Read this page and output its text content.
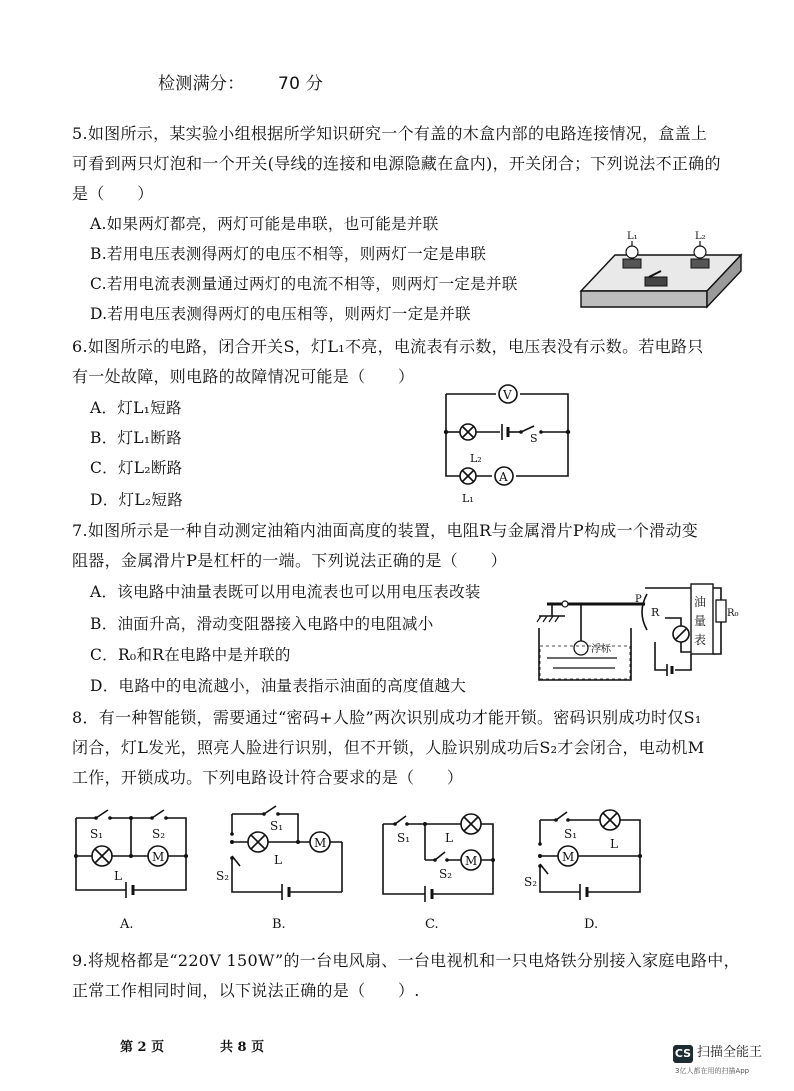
检测满分： 70 分
5.如图所示，某实验小组根据所学知识研究一个有盖的木盒内部的电路连接情况，盒盖上
可看到两只灯泡和一个开关(导线的连接和电源隐藏在盒内)，开关闭合；下列说法不正确的
是（　　）
A.如果两灯都亮，两灯可能是串联，也可能是并联
B.若用电压表测得两灯的电压不相等，则两灯一定是串联
C.若用电流表测量通过两灯的电流不相等，则两灯一定是并联
D.若用电压表测得两灯的电压相等，则两灯一定是并联
L₁	L₂
6.如图所示的电路，闭合开关S，灯L₁不亮，电流表有示数，电压表没有示数。若电路只
有一处故障，则电路的故障情况可能是（　　）
A．灯L₁短路
B．灯L₁断路
C．灯L₂断路
D．灯L₂短路
V
S
L₂
A
L₁
7.如图所示是一种自动测定油箱内油面高度的装置，电阻R与金属滑片P构成一个滑动变
阻器，金属滑片P是杠杆的一端。下列说法正确的是（　　）
A．该电路中油量表既可以用电流表也可以用电压表改装
B．油面升高，滑动变阻器接入电路中的电阻减小
C．R₀和R在电路中是并联的
D．电路中的电流越小，油量表指示油面的高度值越大
浮标
P
R
油
量
表
R₀
8．有一种智能锁，需要通过“密码+人脸”两次识别成功才能开锁。密码识别成功时仅S₁
闭合，灯L发光，照亮人脸进行识别，但不开锁，人脸识别成功后S₂才会闭合，电动机M
工作，开锁成功。下列电路设计符合要求的是（　　）
M
S₁	S₂
L
A.
M
S₁
S₂
L
B.
M
S₁
S₂
L
C.
M
S₁
S₂
L
D.
9.将规格都是“220V 150W”的一台电风扇、一台电视机和一只电烙铁分别接入家庭电路中，
正常工作相同时间，以下说法正确的是（　　）.
第 2 页	共 8 页	CS 扫描全能王
3亿人都在用的扫描App
